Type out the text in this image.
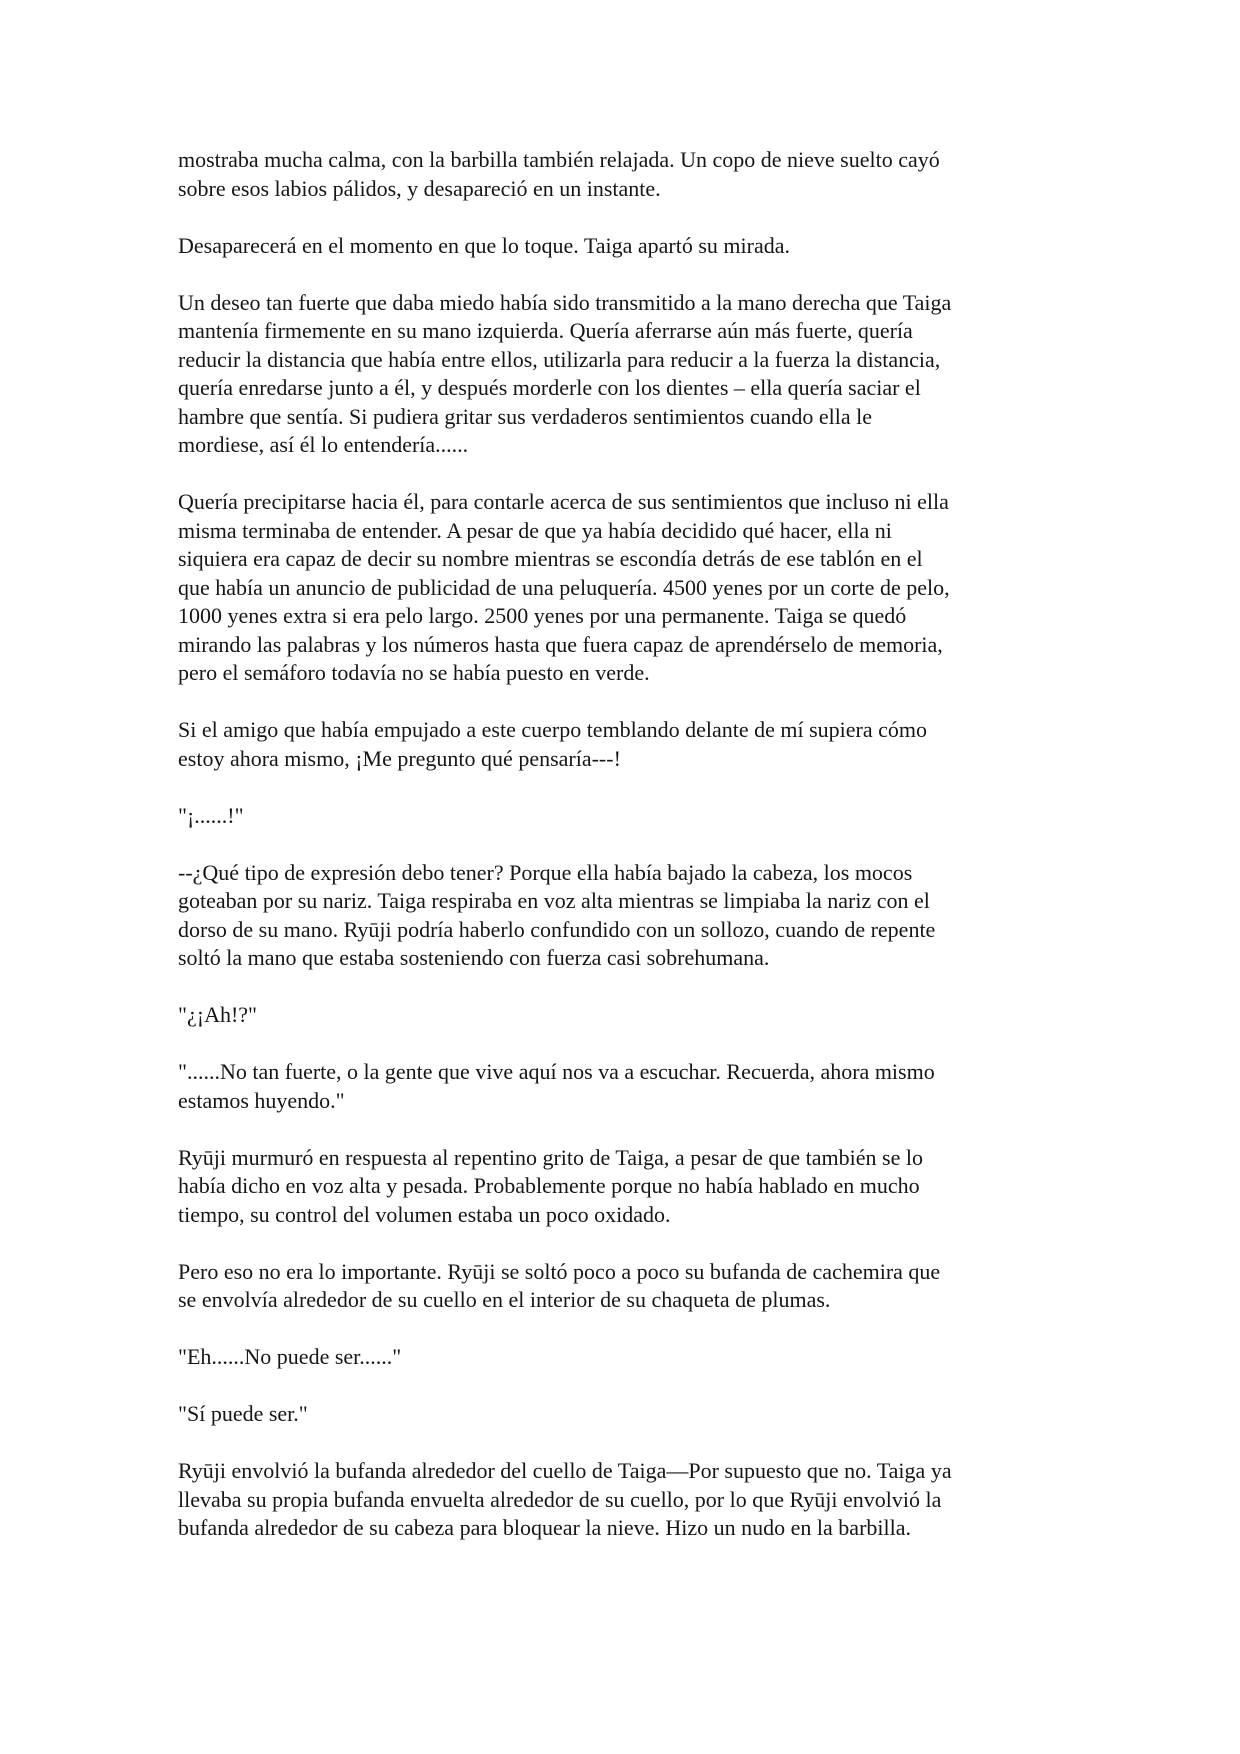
mostraba mucha calma, con la barbilla también relajada. Un copo de nieve suelto cayó
sobre esos labios pálidos, y desapareció en un instante.

Desaparecerá en el momento en que lo toque. Taiga apartó su mirada.

Un deseo tan fuerte que daba miedo había sido transmitido a la mano derecha que Taiga
mantenía firmemente en su mano izquierda. Quería aferrarse aún más fuerte, quería
reducir la distancia que había entre ellos, utilizarla para reducir a la fuerza la distancia,
quería enredarse junto a él, y después morderle con los dientes – ella quería saciar el
hambre que sentía. Si pudiera gritar sus verdaderos sentimientos cuando ella le
mordiese, así él lo entendería......

Quería precipitarse hacia él, para contarle acerca de sus sentimientos que incluso ni ella
misma terminaba de entender. A pesar de que ya había decidido qué hacer, ella ni
siquiera era capaz de decir su nombre mientras se escondía detrás de ese tablón en el
que había un anuncio de publicidad de una peluquería. 4500 yenes por un corte de pelo,
1000 yenes extra si era pelo largo. 2500 yenes por una permanente. Taiga se quedó
mirando las palabras y los números hasta que fuera capaz de aprendérselo de memoria,
pero el semáforo todavía no se había puesto en verde.

Si el amigo que había empujado a este cuerpo temblando delante de mí supiera cómo
estoy ahora mismo, ¡Me pregunto qué pensaría---!

"¡......!"

--¿Qué tipo de expresión debo tener? Porque ella había bajado la cabeza, los mocos
goteaban por su nariz. Taiga respiraba en voz alta mientras se limpiaba la nariz con el
dorso de su mano. Ryūji podría haberlo confundido con un sollozo, cuando de repente
soltó la mano que estaba sosteniendo con fuerza casi sobrehumana.

"¿¡Ah!?"

"......No tan fuerte, o la gente que vive aquí nos va a escuchar. Recuerda, ahora mismo
estamos huyendo."

Ryūji murmuró en respuesta al repentino grito de Taiga, a pesar de que también se lo
había dicho en voz alta y pesada. Probablemente porque no había hablado en mucho
tiempo, su control del volumen estaba un poco oxidado.

Pero eso no era lo importante. Ryūji se soltó poco a poco su bufanda de cachemira que
se envolvía alrededor de su cuello en el interior de su chaqueta de plumas.

"Eh......No puede ser......"

"Sí puede ser."

Ryūji envolvió la bufanda alrededor del cuello de Taiga—Por supuesto que no. Taiga ya
llevaba su propia bufanda envuelta alrededor de su cuello, por lo que Ryūji envolvió la
bufanda alrededor de su cabeza para bloquear la nieve. Hizo un nudo en la barbilla.
